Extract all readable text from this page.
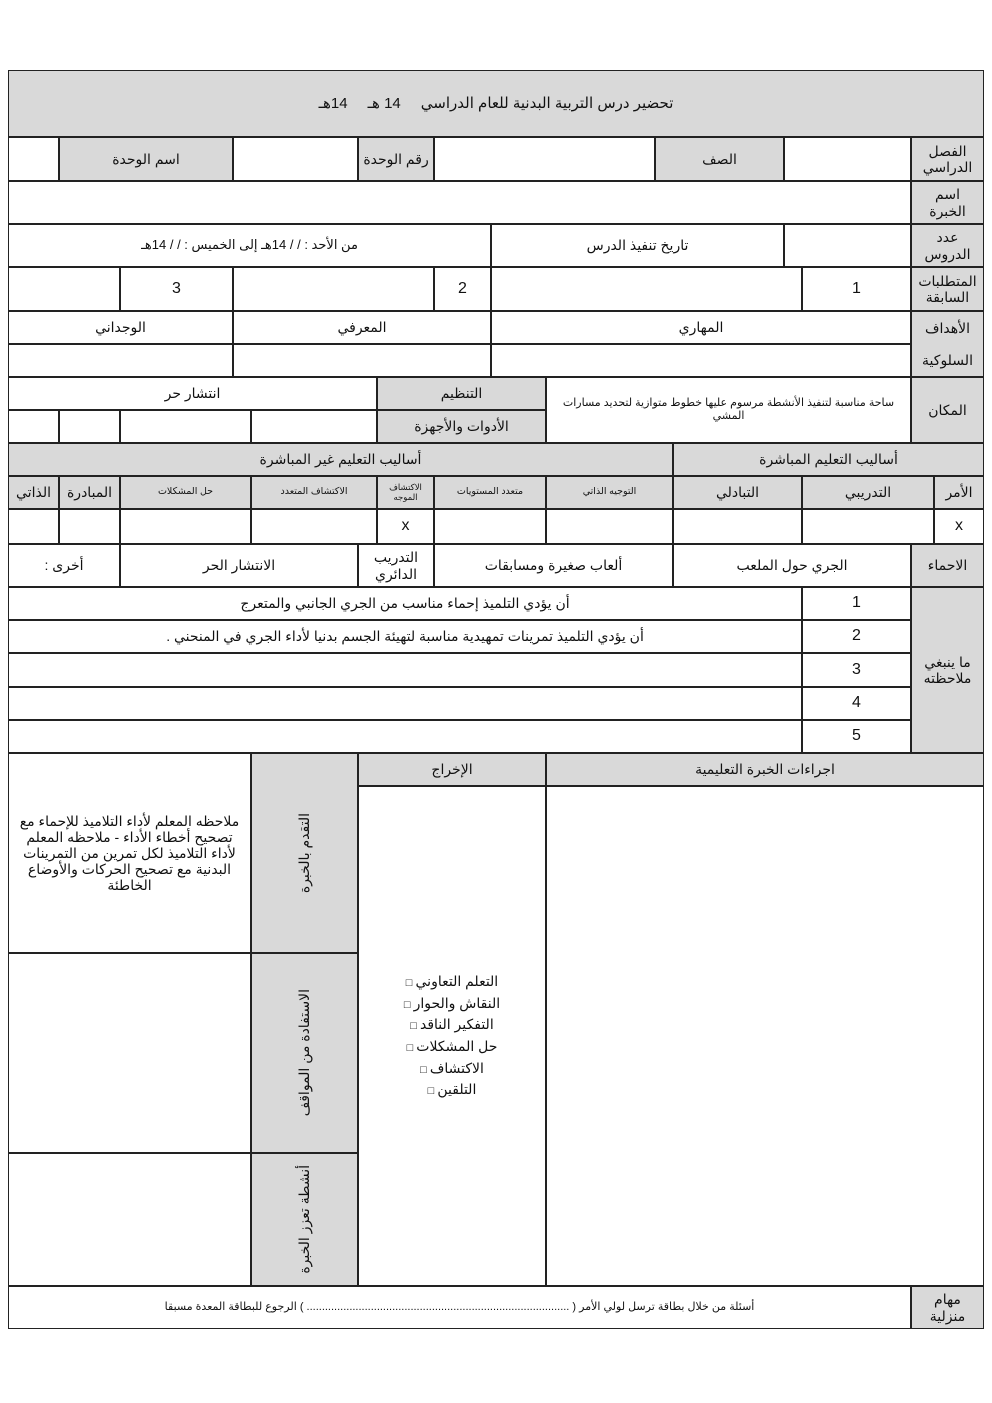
تحضير درس التربية البدنية للعام الدراسي
14 هـ
14هـ
الفصل الدراسي
الصف
رقم الوحدة
اسم الوحدة
اسم الخبرة
عدد الدروس
تاريخ تنفيذ الدرس
من الأحد : / / 14هـ إلى الخميس : / / 14هـ
المتطلبات السابقة
1
2
3
الأهداف
السلوكية
المهاري
المعرفي
الوجداني
المكان
ساحة مناسبة لتنفيذ الأنشطة مرسوم عليها خطوط متوازية لتحديد مسارات المشي
التنظيم
انتشار حر
الأدوات والأجهزة
أساليب التعليم المباشرة
أساليب التعليم غير المباشرة
الأمر
التدريبي
التبادلي
التوجيه الذاتي
متعدد المستويات
الاكتشاف الموجه
الاكتشاف المتعدد
حل المشكلات
المبادرة
الذاتي
x
x
الاحماء
الجري حول الملعب
ألعاب صغيرة ومسابقات
التدريب الدائري
الانتشار الحر
أخرى :
ما ينبغي ملاحظته
1
أن يؤدي التلميذ إحماء مناسب من الجري الجانبي والمتعرج
2
أن يؤدي التلميذ تمرينات تمهيدية مناسبة لتهيئة الجسم بدنيا لأداء الجري في المنحني .
3
4
5
اجراءات الخبرة التعليمية
الإخراج
التعلم التعاوني □
النقاش والحوار □
التفكير الناقد □
حل المشكلات □
الاكتشاف □
التلقين □
التقدم بالخبرة
ملاحظه المعلم لأداء التلاميذ للإحماء مع تصحيح أخطاء الأداء - ملاحظه المعلم لأداء التلاميذ لكل تمرين من التمرينات البدنية مع تصحيح الحركات والأوضاع الخاطئة
الاستفادة من المواقف
أنشطة تعزز الخبرة
مهام منزلية
أسئلة من خلال بطاقة ترسل لولي الأمر ( ...................................................................................... ) الرجوع للبطاقة المعدة مسبقا
